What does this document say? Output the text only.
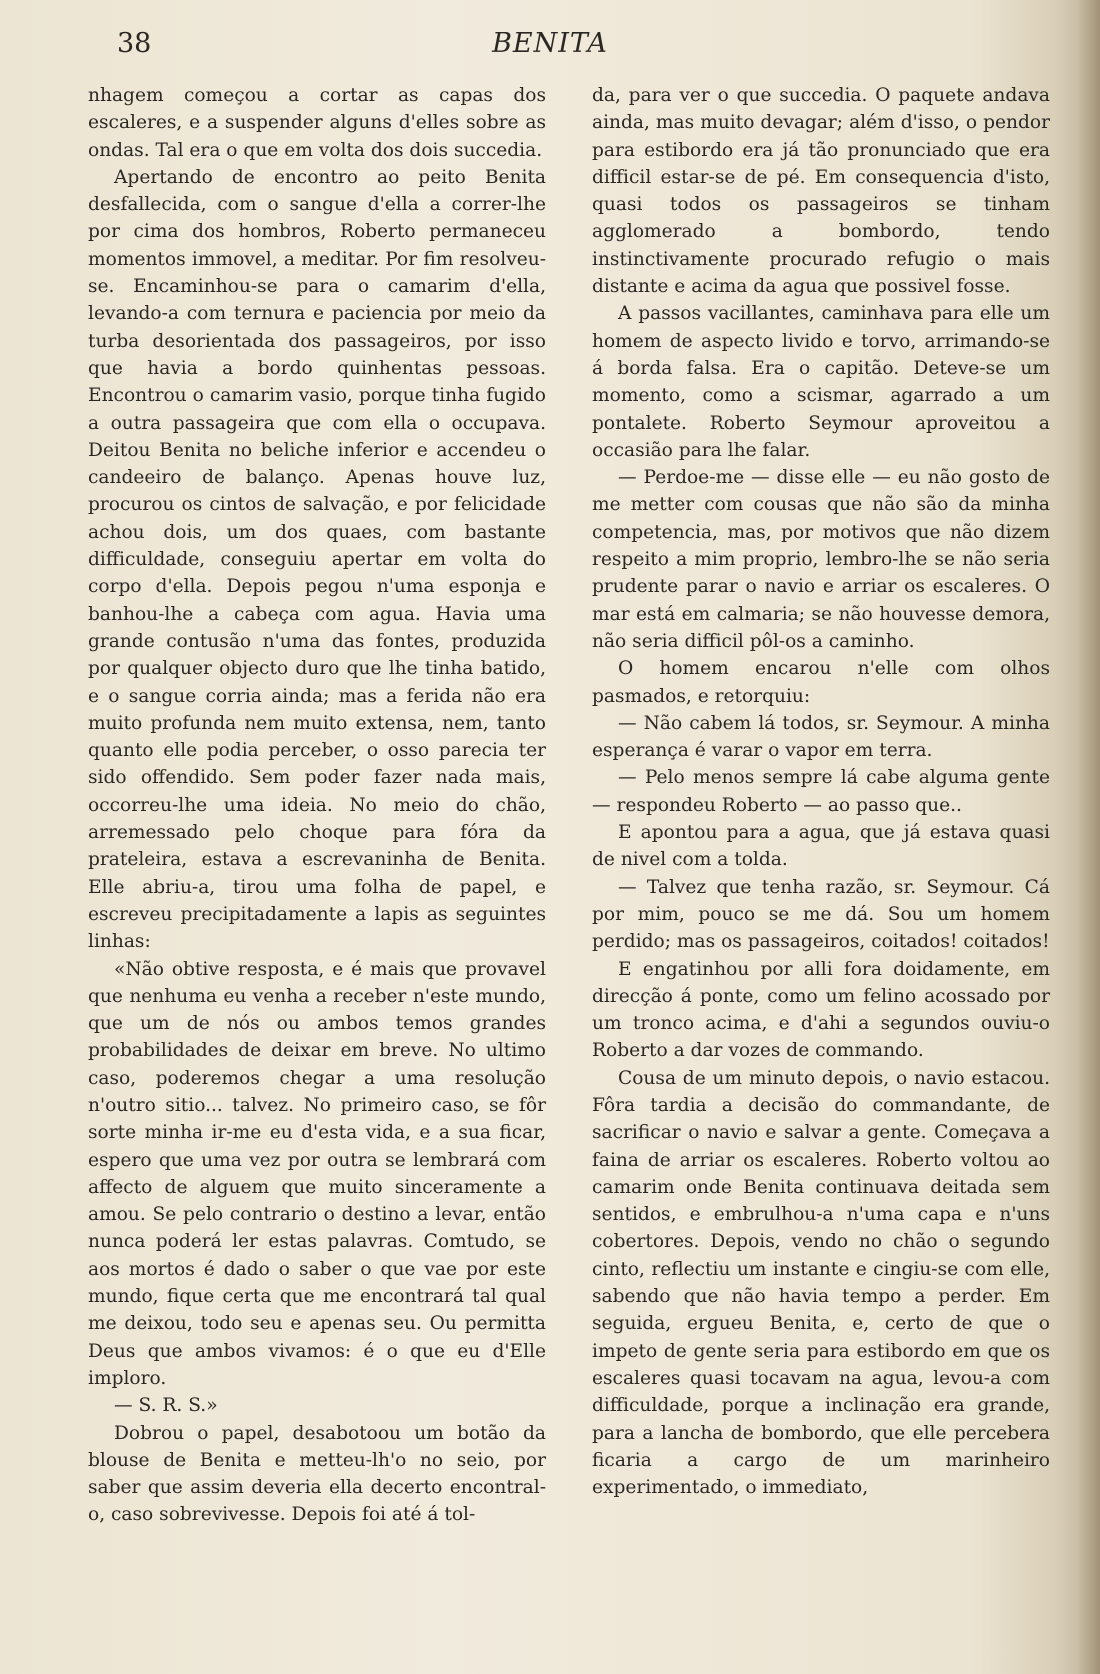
38	BENITA

nhagem começou a cortar as capas dos escaleres, e a suspender alguns d'elles sobre as ondas. Tal era o que em volta dos dois succedia.

Apertando de encontro ao peito Benita desfallecida, com o sangue d'ella a correr-lhe por cima dos hombros, Roberto permaneceu momentos immovel, a meditar. Por fim resolveu-se. Encaminhou-se para o camarim d'ella, levando-a com ternura e paciencia por meio da turba desorientada dos passageiros, por isso que havia a bordo quinhentas pessoas. Encontrou o camarim vasio, porque tinha fugido a outra passageira que com ella o occupava. Deitou Benita no beliche inferior e accendeu o candeeiro de balanço. Apenas houve luz, procurou os cintos de salvação, e por felicidade achou dois, um dos quaes, com bastante difficuldade, conseguiu apertar em volta do corpo d'ella. Depois pegou n'uma esponja e banhou-lhe a cabeça com agua. Havia uma grande contusão n'uma das fontes, produzida por qualquer objecto duro que lhe tinha batido, e o sangue corria ainda; mas a ferida não era muito profunda nem muito extensa, nem, tanto quanto elle podia perceber, o osso parecia ter sido offendido. Sem poder fazer nada mais, occorreu-lhe uma ideia. No meio do chão, arremessado pelo choque para fóra da prateleira, estava a escrevaninha de Benita. Elle abriu-a, tirou uma folha de papel, e escreveu precipitadamente a lapis as seguintes linhas:

«Não obtive resposta, e é mais que provavel que nenhuma eu venha a receber n'este mundo, que um de nós ou ambos temos grandes probabilidades de deixar em breve. No ultimo caso, poderemos chegar a uma resolução n'outro sitio... talvez. No primeiro caso, se fôr sorte minha ir-me eu d'esta vida, e a sua ficar, espero que uma vez por outra se lembrará com affecto de alguem que muito sinceramente a amou. Se pelo contrario o destino a levar, então nunca poderá ler estas palavras. Comtudo, se aos mortos é dado o saber o que vae por este mundo, fique certa que me encontrará tal qual me deixou, todo seu e apenas seu. Ou permitta Deus que ambos vivamos: é o que eu d'Elle imploro.

— S. R. S.»

Dobrou o papel, desabotoou um botão da blouse de Benita e metteu-lh'o no seio, por saber que assim deveria ella decerto encontral-o, caso sobrevivesse. Depois foi até á tol-

da, para ver o que succedia. O paquete andava ainda, mas muito devagar; além d'isso, o pendor para estibordo era já tão pronunciado que era difficil estar-se de pé. Em consequencia d'isto, quasi todos os passageiros se tinham agglomerado a bombordo, tendo instinctivamente procurado refugio o mais distante e acima da agua que possivel fosse.

A passos vacillantes, caminhava para elle um homem de aspecto livido e torvo, arrimando-se á borda falsa. Era o capitão. Deteve-se um momento, como a scismar, agarrado a um pontalete. Roberto Seymour aproveitou a occasião para lhe falar.

— Perdoe-me — disse elle — eu não gosto de me metter com cousas que não são da minha competencia, mas, por motivos que não dizem respeito a mim proprio, lembro-lhe se não seria prudente parar o navio e arriar os escaleres. O mar está em calmaria; se não houvesse demora, não seria difficil pôl-os a caminho.

O homem encarou n'elle com olhos pasmados, e retorquiu:

— Não cabem lá todos, sr. Seymour. A minha esperança é varar o vapor em terra.

— Pelo menos sempre lá cabe alguma gente — respondeu Roberto — ao passo que..

E apontou para a agua, que já estava quasi de nivel com a tolda.

— Talvez que tenha razão, sr. Seymour. Cá por mim, pouco se me dá. Sou um homem perdido; mas os passageiros, coitados! coitados!

E engatinhou por alli fora doidamente, em direcção á ponte, como um felino acossado por um tronco acima, e d'ahi a segundos ouviu-o Roberto a dar vozes de commando.

Cousa de um minuto depois, o navio estacou. Fôra tardia a decisão do commandante, de sacrificar o navio e salvar a gente. Começava a faina de arriar os escaleres. Roberto voltou ao camarim onde Benita continuava deitada sem sentidos, e embrulhou-a n'uma capa e n'uns cobertores. Depois, vendo no chão o segundo cinto, reflectiu um instante e cingiu-se com elle, sabendo que não havia tempo a perder. Em seguida, ergueu Benita, e, certo de que o impeto de gente seria para estibordo em que os escaleres quasi tocavam na agua, levou-a com difficuldade, porque a inclinação era grande, para a lancha de bombordo, que elle percebera ficaria a cargo de um marinheiro experimentado, o immediato,
